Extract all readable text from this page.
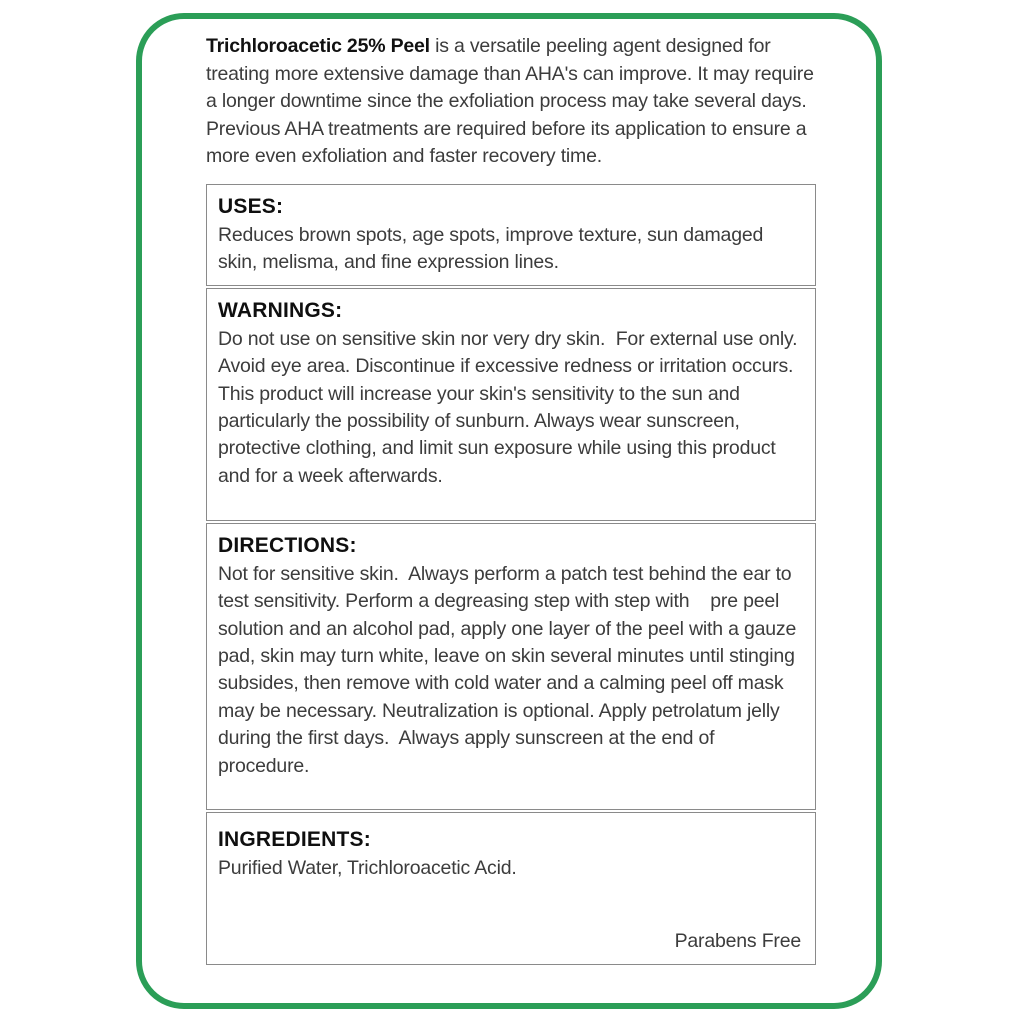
Trichloroacetic 25% Peel is a versatile peeling agent designed for treating more extensive damage than AHA's can improve. It may require a longer downtime since the exfoliation process may take several days. Previous AHA treatments are required before its application to ensure a more even exfoliation and faster recovery time.

USES:

Reduces brown spots, age spots, improve texture, sun damaged skin, melisma, and fine expression lines.

WARNINGS:

Do not use on sensitive skin nor very dry skin.  For external use only.  Avoid eye area. Discontinue if excessive redness or irritation occurs. This product will increase your skin's sensitivity to the sun and particularly the possibility of sunburn. Always wear sunscreen, protective clothing, and limit sun exposure while using this product and for a week afterwards.

DIRECTIONS:

Not for sensitive skin.  Always perform a patch test behind the ear to test sensitivity. Perform a degreasing step with step with    pre peel solution and an alcohol pad, apply one layer of the peel with a gauze pad, skin may turn white, leave on skin several minutes until stinging subsides, then remove with cold water and a calming peel off mask may be necessary. Neutralization is optional. Apply petrolatum jelly during the first days.  Always apply sunscreen at the end of procedure.

INGREDIENTS:

Purified Water, Trichloroacetic Acid.

Parabens Free
